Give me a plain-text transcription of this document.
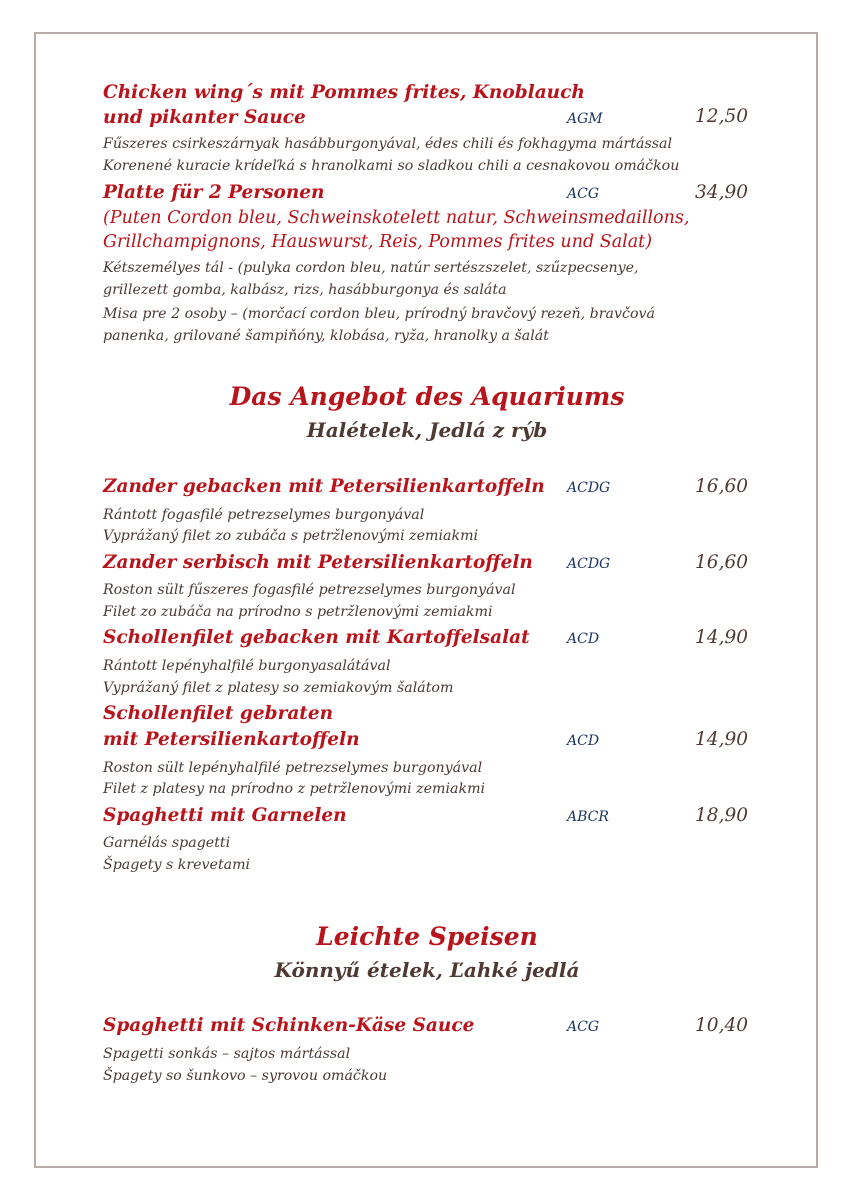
Chicken wing´s mit Pommes frites, Knoblauch
und pikanter Sauce	AGM	12,50
Fűszeres csirkeszárnyak hasábburgonyával, édes chili és fokhagyma mártással
Korenené kuracie krídeľká s hranolkami so sladkou chili a cesnakovou omáčkou
Platte für 2 Personen	ACG	34,90
(Puten Cordon bleu, Schweinskotelett natur, Schweinsmedaillons,
Grillchampignons, Hauswurst, Reis, Pommes frites und Salat)
Kétszemélyes tál - (pulyka cordon bleu, natúr sertészszelet, szűzpecsenye,
grillezett gomba, kalbász, rizs, hasábburgonya és saláta
Misa pre 2 osoby – (morčací cordon bleu, prírodný bravčový rezeň, bravčová
panenka, grilované šampiňóny, klobása, ryža, hranolky a šalát
Das Angebot des Aquariums
Halételek, Jedlá z rýb
Zander gebacken mit Petersilienkartoffeln ACDG	16,60
Rántott fogasfilé petrezselymes burgonyával
Vyprážaný filet zo zubáča s petržlenovými zemiakmi
Zander serbisch mit Petersilienkartoffeln ACDG	16,60
Roston sült fűszeres fogasfilé petrezselymes burgonyával
Filet zo zubáča na prírodno s petržlenovými zemiakmi
Schollenfilet gebacken mit Kartoffelsalat	ACD	14,90
Rántott lepényhalfilé burgonyasalátával
Vyprážaný filet z platesy so zemiakovým šalátom
Schollenfilet gebraten
mit Petersilienkartoffeln	ACD	14,90
Roston sült lepényhalfilé petrezselymes burgonyával
Filet z platesy na prírodno z petržlenovými zemiakmi
Spaghetti mit Garnelen	ABCR	18,90
Garnélás spagetti
Špagety s krevetami
Leichte Speisen
Könnyű ételek, Ľahké jedlá
Spaghetti mit Schinken-Käse Sauce	ACG	10,40
Spagetti sonkás – sajtos mártással
Špagety so šunkovo – syrovou omáčkou
